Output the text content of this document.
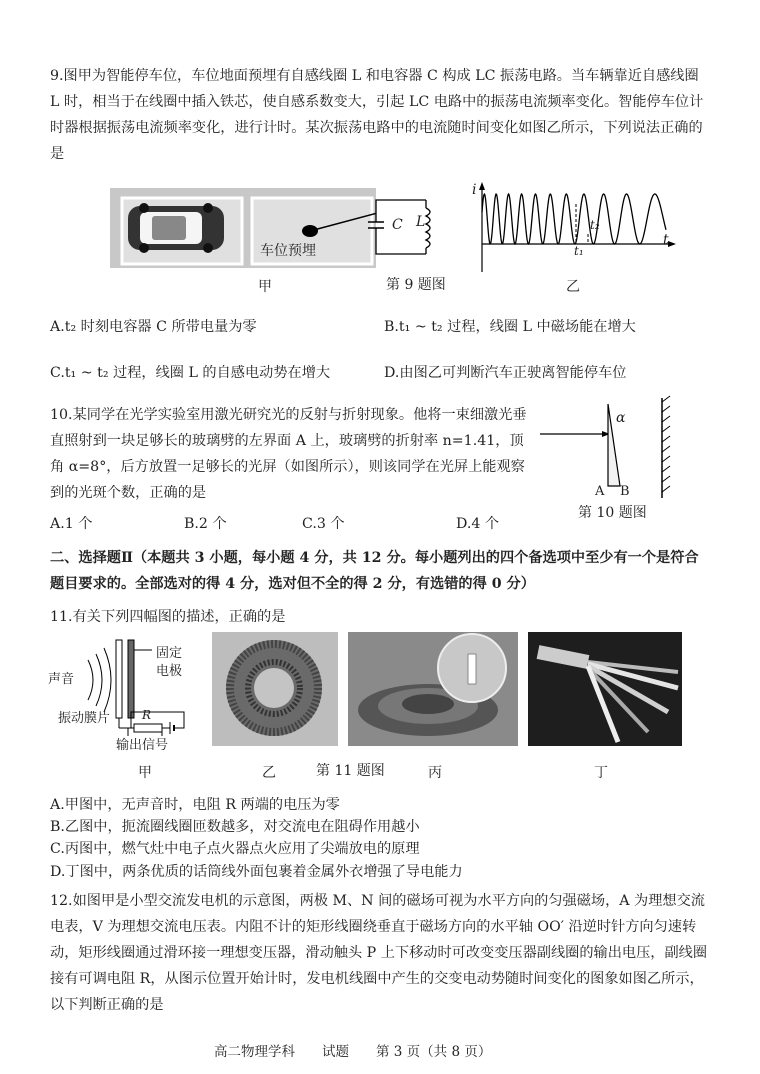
9.图甲为智能停车位，车位地面预埋有自感线圈 L 和电容器 C 构成 LC 振荡电路。当车辆靠近自感线圈 L 时，相当于在线圈中插入铁芯，使自感系数变大，引起 LC 电路中的振荡电流频率变化。智能停车位计时器根据振荡电流频率变化，进行计时。某次振荡电路中的电流随时间变化如图乙所示，下列说法正确的是
车位预埋
C L
i
t
t₁
t₂
甲	第 9 题图	乙
A.t₂ 时刻电容器 C 所带电量为零	B.t₁ ~ t₂ 过程，线圈 L 中磁场能在增大
C.t₁ ~ t₂ 过程，线圈 L 的自感电动势在增大	D.由图乙可判断汽车正驶离智能停车位
10.某同学在光学实验室用激光研究光的反射与折射现象。他将一束细激光垂直照射到一块足够长的玻璃劈的左界面 A 上，玻璃劈的折射率 n=1.41，顶角 α=8°，后方放置一足够长的光屏（如图所示），则该同学在光屏上能观察到的光斑个数，正确的是
α
A B
第 10 题图
A.1 个	B.2 个	C.3 个	D.4 个
二、选择题Ⅱ（本题共 3 小题，每小题 4 分，共 12 分。每小题列出的四个备选项中至少有一个是符合题目要求的。全部选对的得 4 分，选对但不全的得 2 分，有选错的得 0 分）
11.有关下列四幅图的描述，正确的是
声音
固定
电极
振动膜片	R
输出信号
甲	乙	第 11 题图	丙	丁
A.甲图中，无声音时，电阻 R 两端的电压为零
B.乙图中，扼流圈线圈匝数越多，对交流电在阻碍作用越小
C.丙图中，燃气灶中电子点火器点火应用了尖端放电的原理
D.丁图中，两条优质的话筒线外面包裹着金属外衣增强了导电能力
12.如图甲是小型交流发电机的示意图，两极 M、N 间的磁场可视为水平方向的匀强磁场，A 为理想交流电表，V 为理想交流电压表。内阻不计的矩形线圈绕垂直于磁场方向的水平轴 OO′ 沿逆时针方向匀速转动，矩形线圈通过滑环接一理想变压器，滑动触头 P 上下移动时可改变变压器副线圈的输出电压，副线圈接有可调电阻 R，从图示位置开始计时，发电机线圈中产生的交变电动势随时间变化的图象如图乙所示，以下判断正确的是
高二物理学科　　试题　　第 3 页（共 8 页）
